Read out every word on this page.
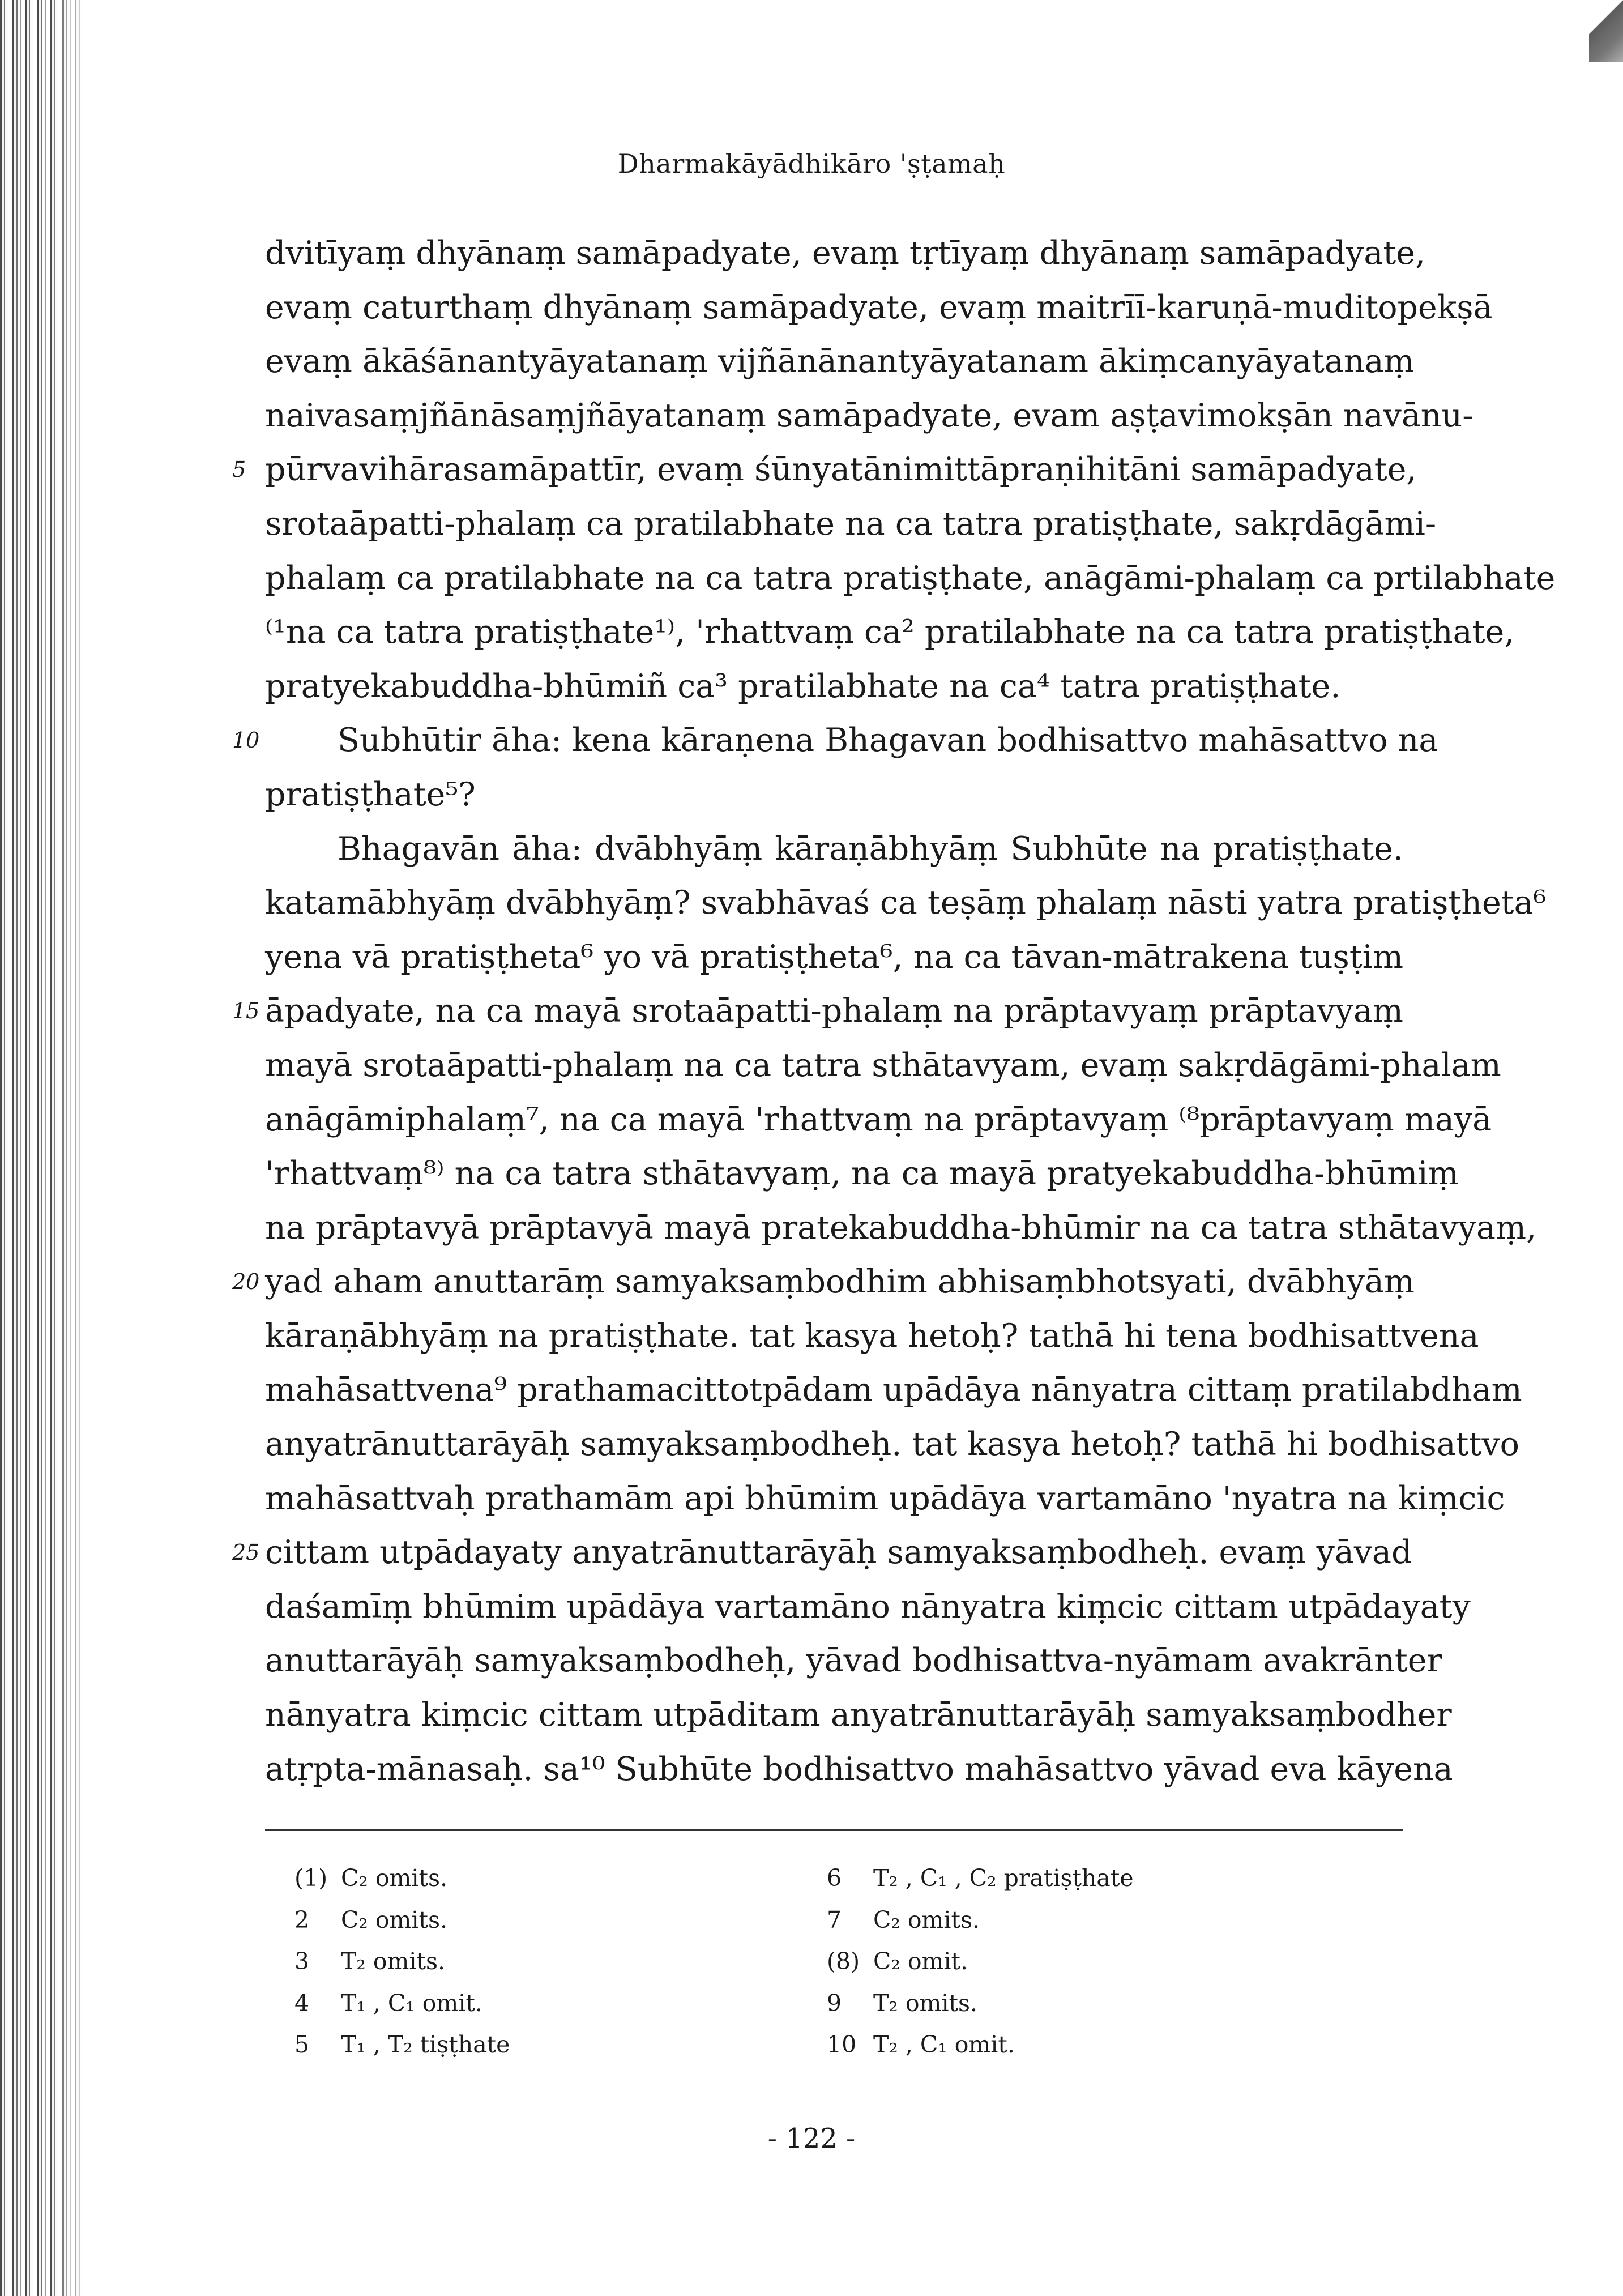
Dharmakāyādhikāro 'ṣṭamaḥ
dvitīyaṃ dhyānaṃ samāpadyate, evaṃ tṛtīyaṃ dhyānaṃ samāpadyate,
evaṃ caturthaṃ dhyānaṃ samāpadyate, evaṃ maitrīī-karuṇā-muditopekṣā
evaṃ ākāśānantyāyatanaṃ vijñānānantyāyatanam ākiṃcanyāyatanaṃ
naivasaṃjñānāsaṃjñāyatanaṃ samāpadyate, evam aṣṭavimokṣān navānu-
5 pūrvavihārasamāpattīr, evaṃ śūnyatānimittāpraṇihitāni samāpadyate,
srotaāpatti-phalaṃ ca pratilabhate na ca tatra pratiṣṭhate, sakṛdāgāmi-
phalaṃ ca pratilabhate na ca tatra pratiṣṭhate, anāgāmi-phalaṃ ca prtilabhate
⁽¹na ca tatra pratiṣṭhate¹⁾, 'rhattvaṃ ca² pratilabhate na ca tatra pratiṣṭhate,
pratyekabuddha-bhūmiñ ca³ pratilabhate na ca⁴ tatra pratiṣṭhate.
10 Subhūtir āha: kena kāraṇena Bhagavan bodhisattvo mahāsattvo na
pratiṣṭhate⁵?
Bhagavān āha: dvābhyāṃ kāraṇābhyāṃ Subhūte na pratiṣṭhate.
katamābhyāṃ dvābhyāṃ? svabhāvaś ca teṣāṃ phalaṃ nāsti yatra pratiṣṭheta⁶
yena vā pratiṣṭheta⁶ yo vā pratiṣṭheta⁶, na ca tāvan-mātrakena tuṣṭim
15 āpadyate, na ca mayā srotaāpatti-phalaṃ na prāptavyaṃ prāptavyaṃ
mayā srotaāpatti-phalaṃ na ca tatra sthātavyam, evaṃ sakṛdāgāmi-phalam
anāgāmiphalaṃ⁷, na ca mayā 'rhattvaṃ na prāptavyaṃ ⁽⁸prāptavyaṃ mayā
'rhattvaṃ⁸⁾ na ca tatra sthātavyaṃ, na ca mayā pratyekabuddha-bhūmiṃ
na prāptavyā prāptavyā mayā pratekabuddha-bhūmir na ca tatra sthātavyaṃ,
20 yad aham anuttarāṃ samyaksaṃbodhim abhisaṃbhotsyati, dvābhyāṃ
kāraṇābhyāṃ na pratiṣṭhate. tat kasya hetoḥ? tathā hi tena bodhisattvena
mahāsattvena⁹ prathamacittotpādam upādāya nānyatra cittaṃ pratilabdham
anyatrānuttarāyāḥ samyaksaṃbodheḥ. tat kasya hetoḥ? tathā hi bodhisattvo
mahāsattvaḥ prathamām api bhūmim upādāya vartamāno 'nyatra na kiṃcic
25 cittam utpādayaty anyatrānuttarāyāḥ samyaksaṃbodheḥ. evaṃ yāvad
daśamīṃ bhūmim upādāya vartamāno nānyatra kiṃcic cittam utpādayaty
anuttarāyāḥ samyaksaṃbodheḥ, yāvad bodhisattva-nyāmam avakrānter
nānyatra kiṃcic cittam utpāditam anyatrānuttarāyāḥ samyaksaṃbodher
atṛpta-mānasaḥ. sa¹⁰ Subhūte bodhisattvo mahāsattvo yāvad eva kāyena
(1) C₂ omits.
2 C₂ omits.
3 T₂ omits.
4 T₁ , C₁ omit.
5 T₁ , T₂ tiṣṭhate
6 T₂ , C₁ , C₂ pratiṣṭhate
7 C₂ omits.
(8) C₂ omit.
9 T₂ omits.
10 T₂ , C₁ omit.
- 122 -
